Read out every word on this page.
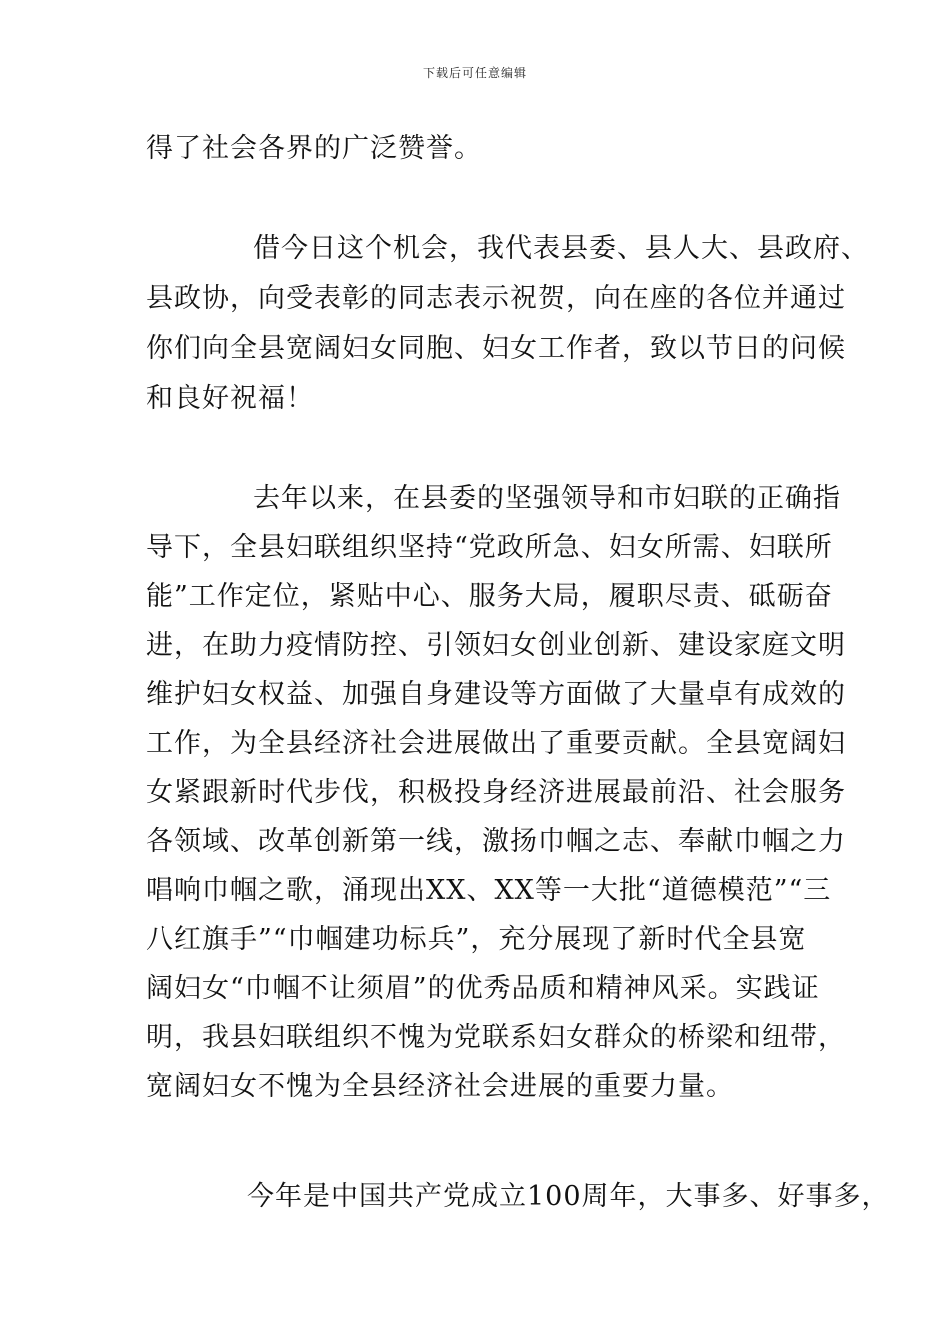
下载后可任意编辑
得了社会各界的广泛赞誉。
借今日这个机会，我代表县委、县人大、县政府、
县政协，向受表彰的同志表示祝贺，向在座的各位并通过
你们向全县宽阔妇女同胞、妇女工作者，致以节日的问候
和良好祝福！
去年以来，在县委的坚强领导和市妇联的正确指
导下，全县妇联组织坚持“党政所急、妇女所需、妇联所
能”工作定位，紧贴中心、服务大局，履职尽责、砥砺奋
进，在助力疫情防控、引领妇女创业创新、建设家庭文明
维护妇女权益、加强自身建设等方面做了大量卓有成效的
工作，为全县经济社会进展做出了重要贡献。全县宽阔妇
女紧跟新时代步伐，积极投身经济进展最前沿、社会服务
各领域、改革创新第一线，激扬巾帼之志、奉献巾帼之力
唱响巾帼之歌，涌现出XX、XX等一大批“道德模范”“三
八红旗手”“巾帼建功标兵”，充分展现了新时代全县宽
阔妇女“巾帼不让须眉”的优秀品质和精神风采。实践证
明，我县妇联组织不愧为党联系妇女群众的桥梁和纽带，
宽阔妇女不愧为全县经济社会进展的重要力量。
今年是中国共产党成立100周年，大事多、好事多，
